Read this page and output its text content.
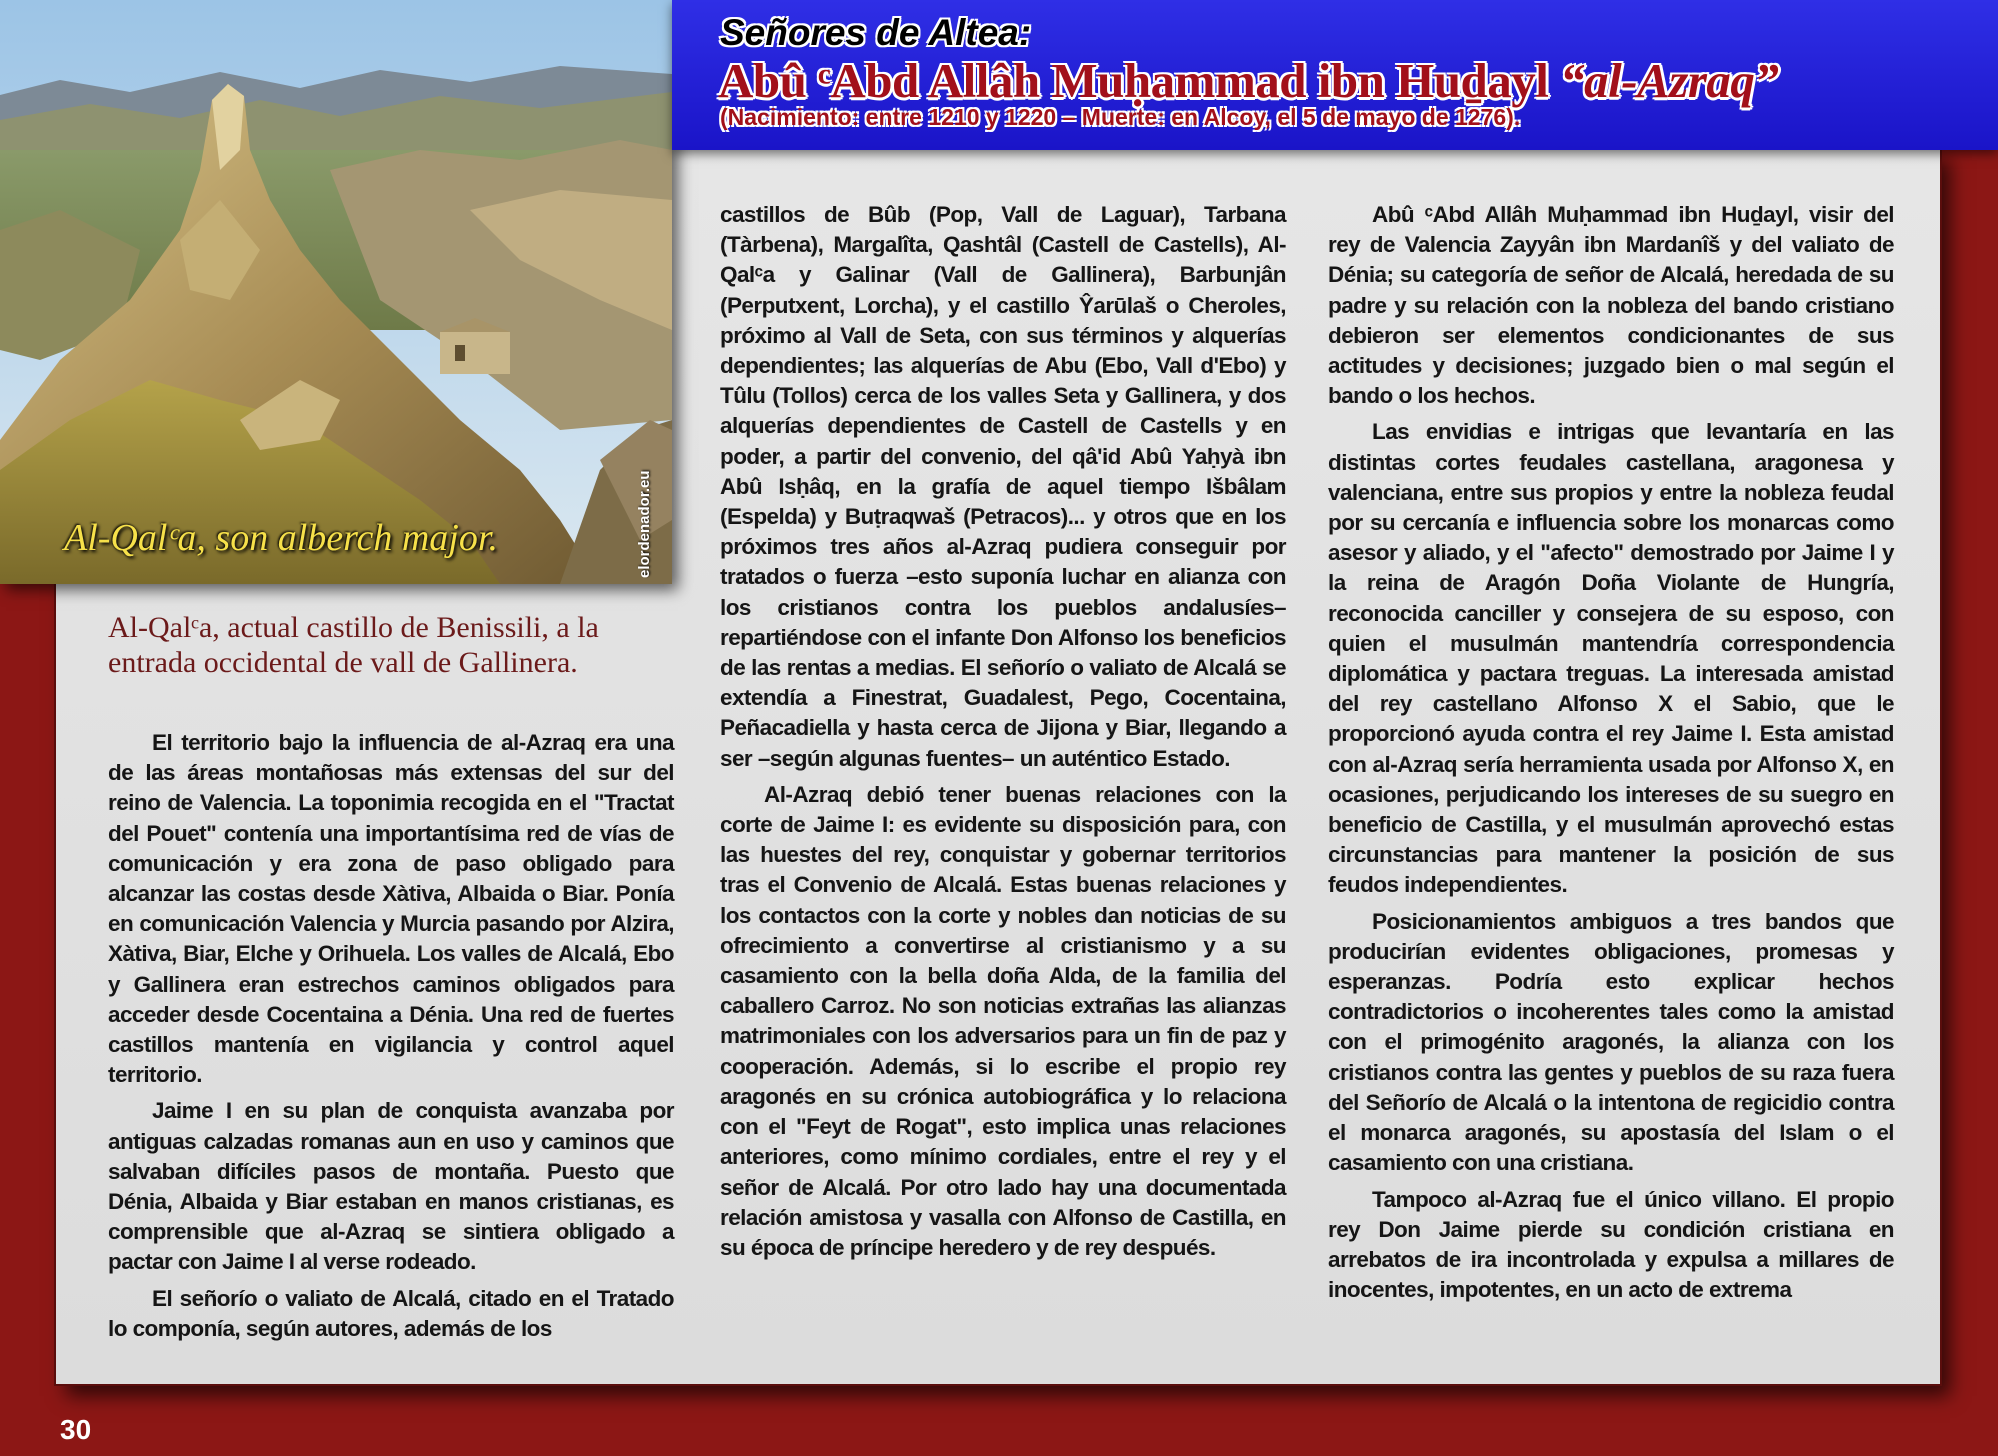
Al-Qalᶜa, son alberch major.	elordenador.eu
Señores de Altea:
Abû ᶜAbd Allâh Muḥammad ibn Huḏayl “al-Azraq”
(Nacimiento: entre 1210 y 1220 – Muerte: en Alcoy, el 5 de mayo de 1276).
Al-Qalᶜa, actual castillo de Benissili, a la entrada occidental de vall de Gallinera.

El territorio bajo la influencia de al-Azraq era una de las áreas montañosas más extensas del sur del reino de Valencia. La toponimia recogida en el "Tractat del Pouet" contenía una importantísima red de vías de comunicación y era zona de paso obligado para alcanzar las costas desde Xàtiva, Albaida o Biar. Ponía en comunicación Valencia y Murcia pasando por Alzira, Xàtiva, Biar, Elche y Orihuela. Los valles de Alcalá, Ebo y Gallinera eran estrechos caminos obligados para acceder desde Cocentaina a Dénia. Una red de fuertes castillos mantenía en vigilancia y control aquel territorio.

Jaime I en su plan de conquista avanzaba por antiguas calzadas romanas aun en uso y caminos que salvaban difíciles pasos de montaña. Puesto que Dénia, Albaida y Biar estaban en manos cristianas, es comprensible que al-Azraq se sintiera obligado a pactar con Jaime I al verse rodeado.

El señorío o valiato de Alcalá, citado en el Tratado lo componía, según autores, además de los

castillos de Bûb (Pop, Vall de Laguar), Tarbana (Tàrbena), Margalîta, Qashtâl (Castell de Castells), Al-Qalᶜa y Galinar (Vall de Gallinera), Barbunjân (Perputxent, Lorcha), y el castillo Ŷarūlaš o Cheroles, próximo al Vall de Seta, con sus términos y alquerías dependientes; las alquerías de Abu (Ebo, Vall d'Ebo) y Tûlu (Tollos) cerca de los valles Seta y Gallinera, y dos alquerías dependientes de Castell de Castells y en poder, a partir del convenio, del qâ'id Abû Yaḥyà ibn Abû Isḥâq, en la grafía de aquel tiempo Išbâlam (Espelda) y Buṭraqwaš (Petracos)... y otros que en los próximos tres años al-Azraq pudiera conseguir por tratados o fuerza –esto suponía luchar en alianza con los cristianos contra los pueblos andalusíes– repartiéndose con el infante Don Alfonso los beneficios de las rentas a medias. El señorío o valiato de Alcalá se extendía a Finestrat, Guadalest, Pego, Cocentaina, Peñacadiella y hasta cerca de Jijona y Biar, llegando a ser –según algunas fuentes– un auténtico Estado.

Al-Azraq debió tener buenas relaciones con la corte de Jaime I: es evidente su disposición para, con las huestes del rey, conquistar y gobernar territorios tras el Convenio de Alcalá. Estas buenas relaciones y los contactos con la corte y nobles dan noticias de su ofrecimiento a convertirse al cristianismo y a su casamiento con la bella doña Alda, de la familia del caballero Carroz. No son noticias extrañas las alianzas matrimoniales con los adversarios para un fin de paz y cooperación. Además, si lo escribe el propio rey aragonés en su crónica autobiográfica y lo relaciona con el "Feyt de Rogat", esto implica unas relaciones anteriores, como mínimo cordiales, entre el rey y el señor de Alcalá. Por otro lado hay una documentada relación amistosa y vasalla con Alfonso de Castilla, en su época de príncipe heredero y de rey después.

Abû ᶜAbd Allâh Muḥammad ibn Huḏayl, visir del rey de Valencia Zayyân ibn Mardanîš y del valiato de Dénia; su categoría de señor de Alcalá, heredada de su padre y su relación con la nobleza del bando cristiano debieron ser elementos condicionantes de sus actitudes y decisiones; juzgado bien o mal según el bando o los hechos.

Las envidias e intrigas que levantaría en las distintas cortes feudales castellana, aragonesa y valenciana, entre sus propios y entre la nobleza feudal por su cercanía e influencia sobre los monarcas como asesor y aliado, y el "afecto" demostrado por Jaime I y la reina de Aragón Doña Violante de Hungría, reconocida canciller y consejera de su esposo, con quien el musulmán mantendría correspondencia diplomática y pactara treguas. La interesada amistad del rey castellano Alfonso X el Sabio, que le proporcionó ayuda contra el rey Jaime I. Esta amistad con al-Azraq sería herramienta usada por Alfonso X, en ocasiones, perjudicando los intereses de su suegro en beneficio de Castilla, y el musulmán aprovechó estas circunstancias para mantener la posición de sus feudos independientes.

Posicionamientos ambiguos a tres bandos que producirían evidentes obligaciones, promesas y esperanzas. Podría esto explicar hechos contradictorios o incoherentes tales como la amistad con el primogénito aragonés, la alianza con los cristianos contra las gentes y pueblos de su raza fuera del Señorío de Alcalá o la intentona de regicidio contra el monarca aragonés, su apostasía del Islam o el casamiento con una cristiana.

Tampoco al-Azraq fue el único villano. El propio rey Don Jaime pierde su condición cristiana en arrebatos de ira incontrolada y expulsa a millares de inocentes, impotentes, en un acto de extrema

30
